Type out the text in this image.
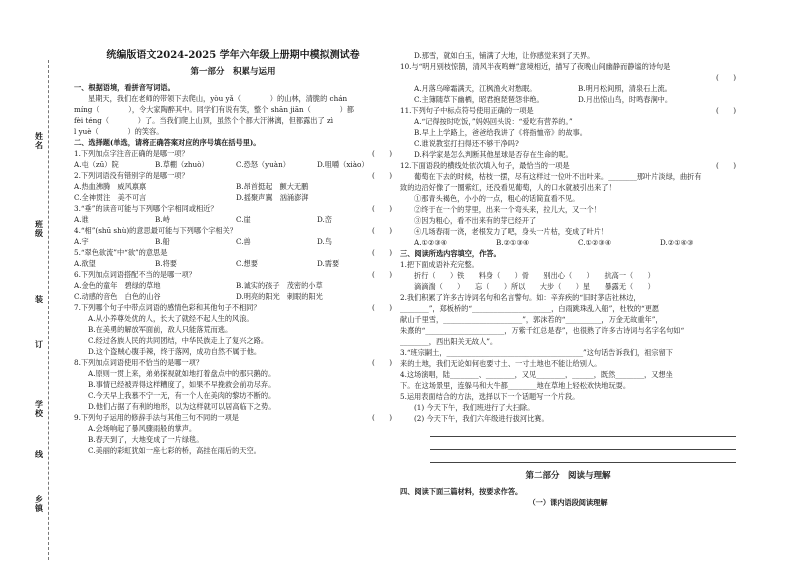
姓名
班级
装
订
学校
线
乡镇
统编版语文2024-2025 学年六年级上册期中模拟测试卷
第一部分　积累与运用
一、根据语境，看拼音写词语。
星期天，我们在老师的带领下去爬山，yòu yǎ（　　　　）的山林，清脆的 chán
míng（　　　　），令大家陶醉其中。同学们有说有笑，整个 shān jiān（　　　　）都
fèi téng（　　　　）了。当我们爬上山顶，虽然个个都大汗淋漓，但都露出了 zì
l yuè（　　　　）的笑容。
二、选择题(单选，请将正确答案对应的序号填在括号里)。
1.下列加点字注音正确的是哪一项？	(　　)
A.屯（zū）院	B.草棚（zhuò）	C.恐怒（yuàn）	D.咀嚼（xiào）
2.下列词语没有错别字的是哪一项？	(　　)
A.热血沸腾　威风禀禀	B.昂首挺起　颤大无鹏
C.全神贯注　美不可言	D.摇聚声翼　汹涌澎湃
3.“垂”的读音可能与下列哪个字相同或相近？	(　　)
A.谁	B.峙	C.崖	D.峦
4.“相”(shū shù)的意思最可能与下列哪个字相关？	(　　)
A.宇	B.船	C.兽	D.鸟
5.“翠色欲流”中“欲”的意思是	(　　)
A.欲望	B.将要	C.想要	D.需要
6.下列加点词语搭配不当的是哪一项？	(　　)
A.金色的童年　碧绿的草地	B.诚实的孩子　茂密的小草
C.动感的音色　白色的山谷	D.明亮的阳光　刺眼的阳光
7.下列哪个句子中带点词语的感情色彩和其他句子不相同？	(　　)
A.从小养尊处优的人，长大了就经不起人生的风浪。
B.在美勇的解放军面前，敌人只能落荒而逃。
C.经过各族人民的共同团结，中华民族走上了复兴之路。
D.这个盗贼心腹手辣，终于落网，成功自然不属于他。
8.下列加点词语使用不恰当的是哪一项？	(　　)
A.原则一贯上来，弟弟探视就如地打着盘点中的那只鹅的。
B.事情已经被弄得这样糟度了，如果不早挽救会前功尽弃。
C.今天早上我慕不宁一无，有一个人在美肉的黎坊不断的。
D.他们占据了有利的地形，以为这样就可以居高临下之势。
9.下列句子运用的修辞手法与其他三句不同的一项是	(　　)
A.会场响起了暴风骤雨般的掌声。
B.春天到了，大地变成了一片绿毯。
C.美丽的彩虹犹如一座七彩的桥，高挂在雨后的天空。
D.那雪，就如白玉，铺满了大地，让你感觉来到了天界。
10.与“明月别枝惊鹊，清风半夜鸣蝉”意境相近，描写了夜晚山间幽静而静谧的诗句是
(　　)
A.月落乌啼霜满天，江枫渔火对愁眠。	B.明月松间照，清泉石上流。
C.主簿随草下幽栖，昭君抱琵琶怨非绝。	D.月出惊山鸟，时鸣春涧中。
11.下列句子中标点符号使用正确的一项是	(　　)
A.“记得按时吃饭，”妈妈回头说：“爱吃有营养的。”
B.早上上学路上，爸爸给我讲了《将指恤帝》的故事。
C.谁说教室打扫得还不够干净吗?
D.科学家是怎么判断其他星球是否存在生命的呢。
12.下面语段的横线处依次填入句子，最恰当的一项是	(　　)
葡萄在下去的时候，枯枝一摆，尽有这样过一位叶不出叶来。________那叶片淡绿，曲折有
致的边沿好像了一圈紫红，还没看见葡萄，人的口水就被引出来了！
①那青头褐色，小小的一点，粗心的话简直看不见。
②终于在一个的芽里，出来一个弯头来，拉儿大，又一个！
③因为粗心，看不出来有的芽已经开了
④几场春雨一浇，老根发力了吧，身头一片枯，变成了叶片！
A.①②③④	B.②①③④	C.①②③④	D.②①④③
三、阅读所选内容填空，作答。
1.把下面成语补充完整。
折行（　　）铁　　料身（　　）骨　　别出心（　　）　　抗高一（　　）
滴滴湍（　　）　　忘（　　）所以　　大步（　　）星　　暴露无（　　）
2.我们积累了许多古诗词名句和名言警句。如：辛弃疾的“旧时茅店社林边，
________”，郑板桥的“______________________，白雨跳珠乱入船”，杜牧的“更愿
献山千里雪，______________________”，郭沫若的“__________，万金无故重年”，
朱熹的“______________________，万紫千红总是春”，也很熟了许多古诗词与名字名句如“
________，西出阳关无故人”。
3.“班宗嗣土，______________________________________”这句话告诉我们，祖宗留下
来的土地，我们无论如何也要寸土、一寸土地也不能让给别人。
4.这场演唱，陆________、________，又见________，______，既然________，又想坐
下。在这场景里，连躲马和大牛都________地在草地上轻松欢快地玩耍。
5.运用表面结合的方法，选择以下一个话题写一个片段。
(1) 今天下午，我们班进行了大扫除。
(2) 今天下午，我们六年级进行拔河比赛。
第二部分　阅读与理解
四、阅读下面三篇材料，按要求作答。
（一）课内语段阅读理解
